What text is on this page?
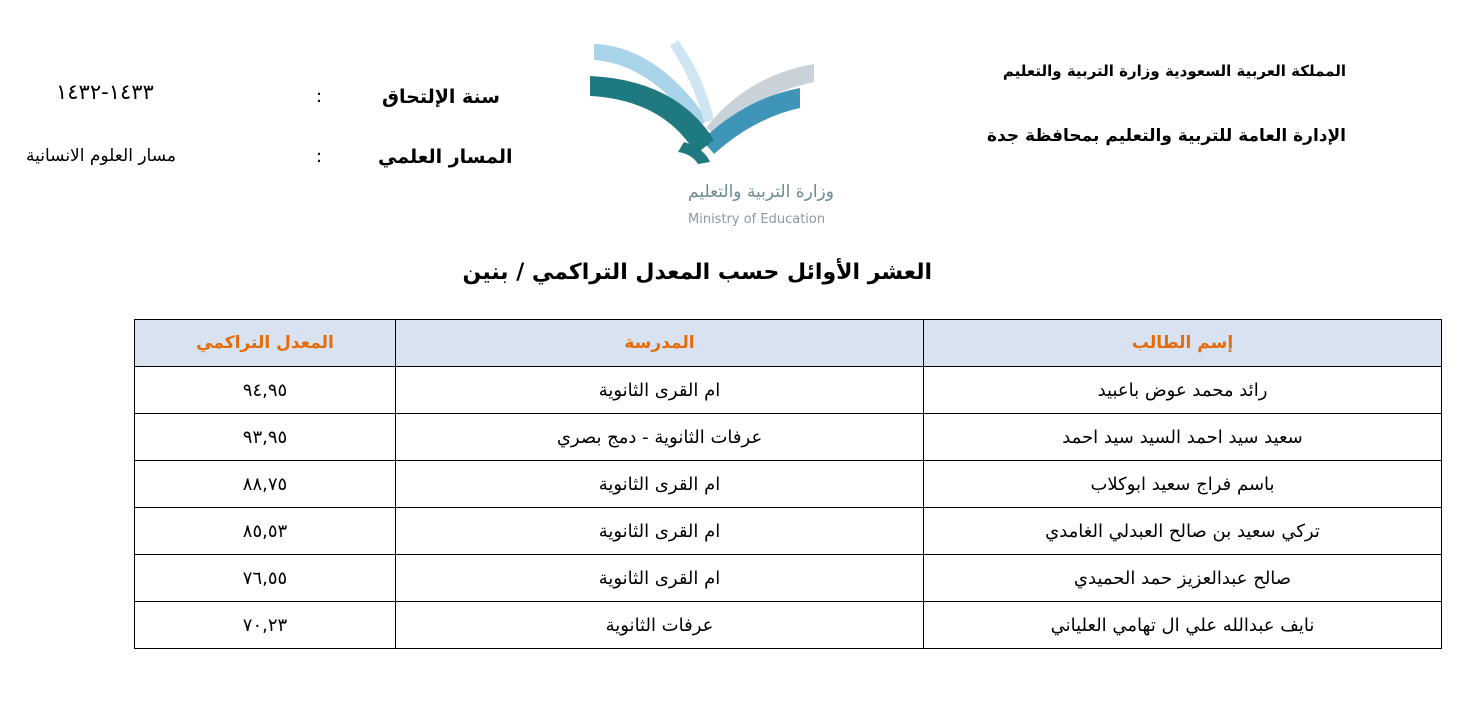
المملكة العربية السعودية وزارة التربية والتعليم
الإدارة العامة للتربية والتعليم بمحافظة جدة
سنة الإلتحاق
:
١٤٣٣-١٤٣٢
المسار العلمي
:
مسار العلوم الانسانية
وزارة التربية والتعليم
Ministry of Education
العشر الأوائل حسب المعدل التراكمي / بنين
إسم الطالب	المدرسة	المعدل التراكمي
رائد محمد عوض باعبيد	ام القرى الثانوية	٩٤,٩٥
سعيد سيد احمد السيد سيد احمد	عرفات الثانوية - دمج بصري	٩٣,٩٥
باسم فراج سعيد ابوكلاب	ام القرى الثانوية	٨٨,٧٥
تركي سعيد بن صالح العبدلي الغامدي	ام القرى الثانوية	٨٥,٥٣
صالح عبدالعزيز حمد الحميدي	ام القرى الثانوية	٧٦,٥٥
نايف عبدالله علي ال تهامي العلياني	عرفات الثانوية	٧٠,٢٣
